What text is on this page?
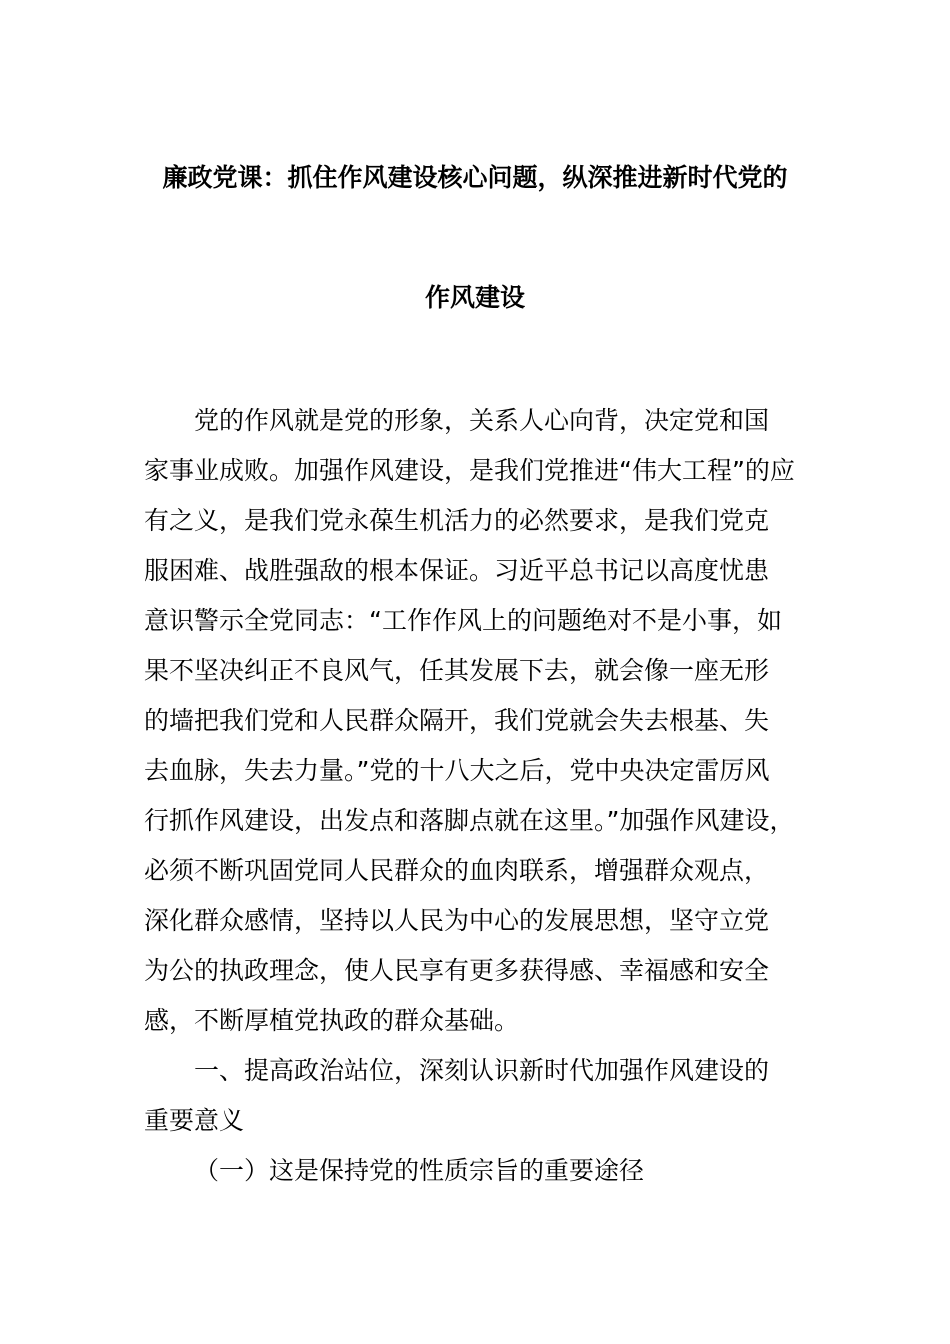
廉政党课：抓住作风建设核心问题，纵深推进新时代党的
作风建设
党的作风就是党的形象，关系人心向背，决定党和国
家事业成败。加强作风建设，是我们党推进“伟大工程”的应
有之义，是我们党永葆生机活力的必然要求，是我们党克
服困难、战胜强敌的根本保证。习近平总书记以高度忧患
意识警示全党同志：“工作作风上的问题绝对不是小事，如
果不坚决纠正不良风气，任其发展下去，就会像一座无形
的墙把我们党和人民群众隔开，我们党就会失去根基、失
去血脉，失去力量。”党的十八大之后，党中央决定雷厉风
行抓作风建设，出发点和落脚点就在这里。”加强作风建设，
必须不断巩固党同人民群众的血肉联系，增强群众观点，
深化群众感情，坚持以人民为中心的发展思想，坚守立党
为公的执政理念，使人民享有更多获得感、幸福感和安全
感，不断厚植党执政的群众基础。
一、提高政治站位，深刻认识新时代加强作风建设的
重要意义
（一）这是保持党的性质宗旨的重要途径
